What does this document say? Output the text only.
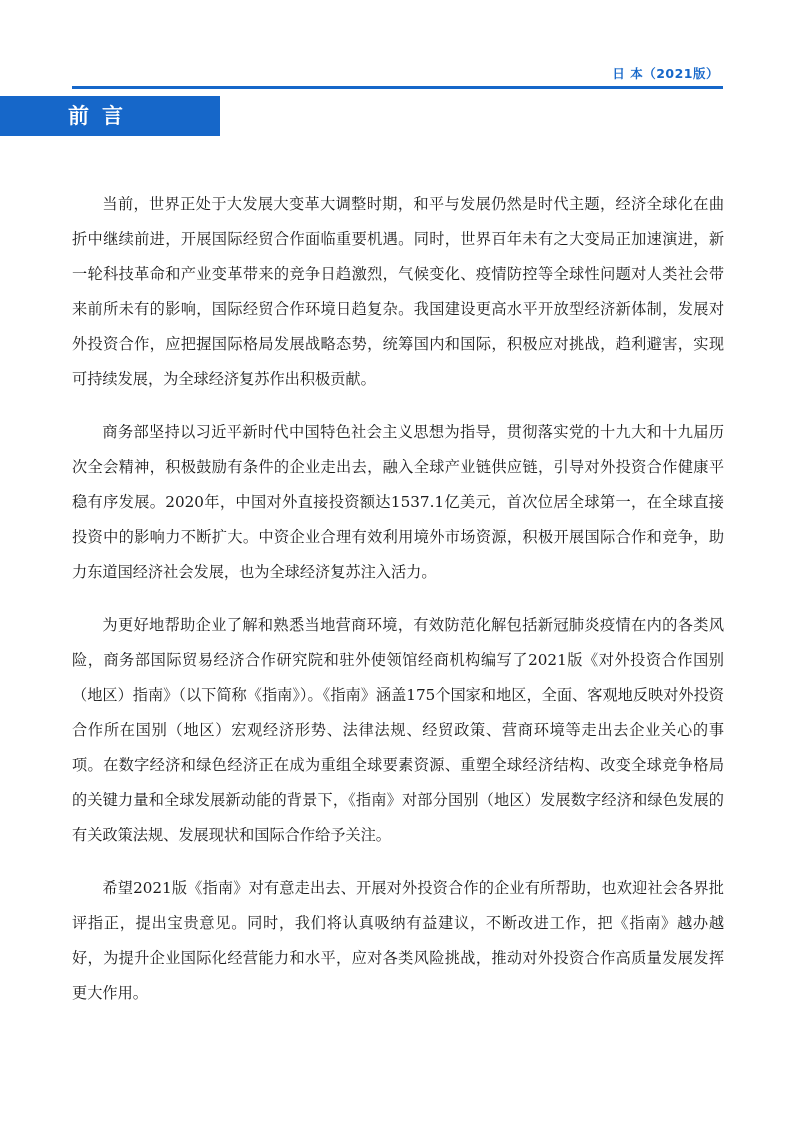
日 本（2021版）
前言

当前，世界正处于大发展大变革大调整时期，和平与发展仍然是时代主题，经济全球化在曲折中继续前进，开展国际经贸合作面临重要机遇。同时，世界百年未有之大变局正加速演进，新一轮科技革命和产业变革带来的竞争日趋激烈，气候变化、疫情防控等全球性问题对人类社会带来前所未有的影响，国际经贸合作环境日趋复杂。我国建设更高水平开放型经济新体制，发展对外投资合作，应把握国际格局发展战略态势，统筹国内和国际，积极应对挑战，趋利避害，实现可持续发展，为全球经济复苏作出积极贡献。

商务部坚持以习近平新时代中国特色社会主义思想为指导，贯彻落实党的十九大和十九届历次全会精神，积极鼓励有条件的企业走出去，融入全球产业链供应链，引导对外投资合作健康平稳有序发展。2020年，中国对外直接投资额达1537.1亿美元，首次位居全球第一，在全球直接投资中的影响力不断扩大。中资企业合理有效利用境外市场资源，积极开展国际合作和竞争，助力东道国经济社会发展，也为全球经济复苏注入活力。

为更好地帮助企业了解和熟悉当地营商环境，有效防范化解包括新冠肺炎疫情在内的各类风险，商务部国际贸易经济合作研究院和驻外使领馆经商机构编写了2021版《对外投资合作国别（地区）指南》（以下简称《指南》）。《指南》涵盖175个国家和地区，全面、客观地反映对外投资合作所在国别（地区）宏观经济形势、法律法规、经贸政策、营商环境等走出去企业关心的事项。在数字经济和绿色经济正在成为重组全球要素资源、重塑全球经济结构、改变全球竞争格局的关键力量和全球发展新动能的背景下，《指南》对部分国别（地区）发展数字经济和绿色发展的有关政策法规、发展现状和国际合作给予关注。

希望2021版《指南》对有意走出去、开展对外投资合作的企业有所帮助，也欢迎社会各界批评指正，提出宝贵意见。同时，我们将认真吸纳有益建议，不断改进工作，把《指南》越办越好，为提升企业国际化经营能力和水平，应对各类风险挑战，推动对外投资合作高质量发展发挥更大作用。
